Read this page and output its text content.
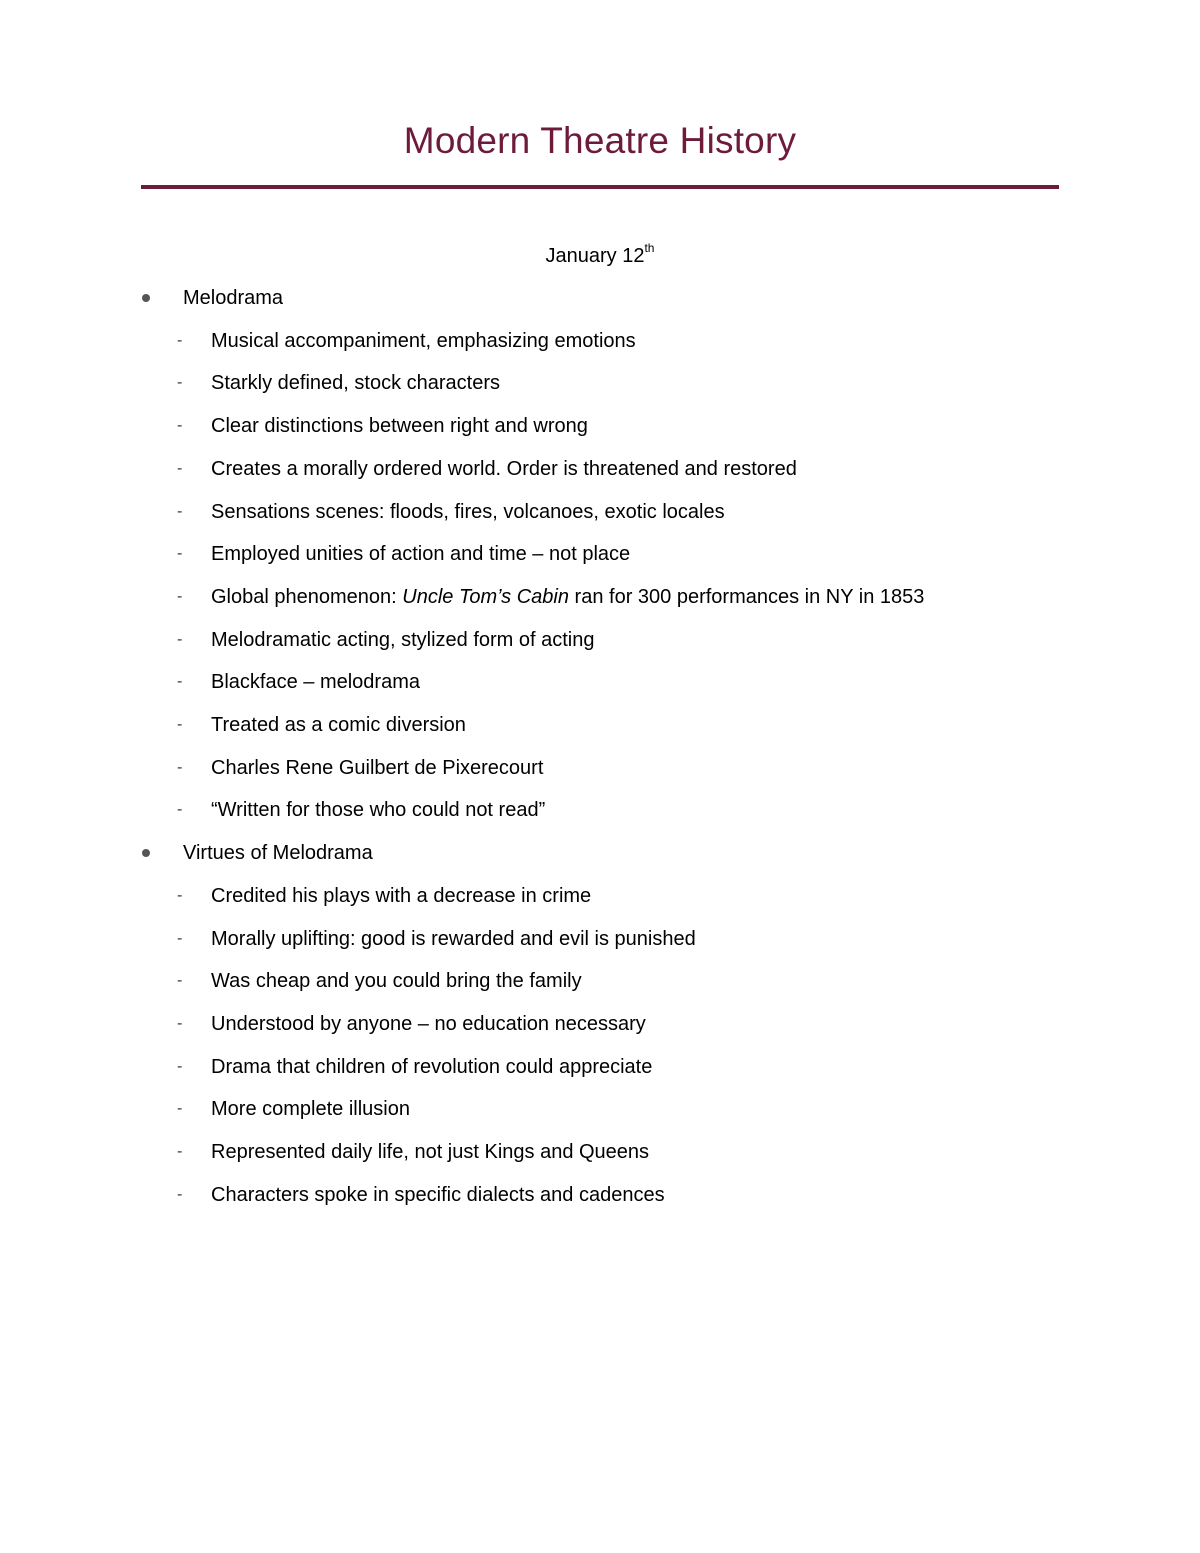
Modern Theatre History
January 12th
Melodrama
- Musical accompaniment, emphasizing emotions
- Starkly defined, stock characters
- Clear distinctions between right and wrong
- Creates a morally ordered world. Order is threatened and restored
- Sensations scenes: floods, fires, volcanoes, exotic locales
- Employed unities of action and time – not place
- Global phenomenon: Uncle Tom’s Cabin ran for 300 performances in NY in 1853
- Melodramatic acting, stylized form of acting
- Blackface – melodrama
- Treated as a comic diversion
- Charles Rene Guilbert de Pixerecourt
- “Written for those who could not read”
Virtues of Melodrama
- Credited his plays with a decrease in crime
- Morally uplifting: good is rewarded and evil is punished
- Was cheap and you could bring the family
- Understood by anyone – no education necessary
- Drama that children of revolution could appreciate
- More complete illusion
- Represented daily life, not just Kings and Queens
- Characters spoke in specific dialects and cadences
